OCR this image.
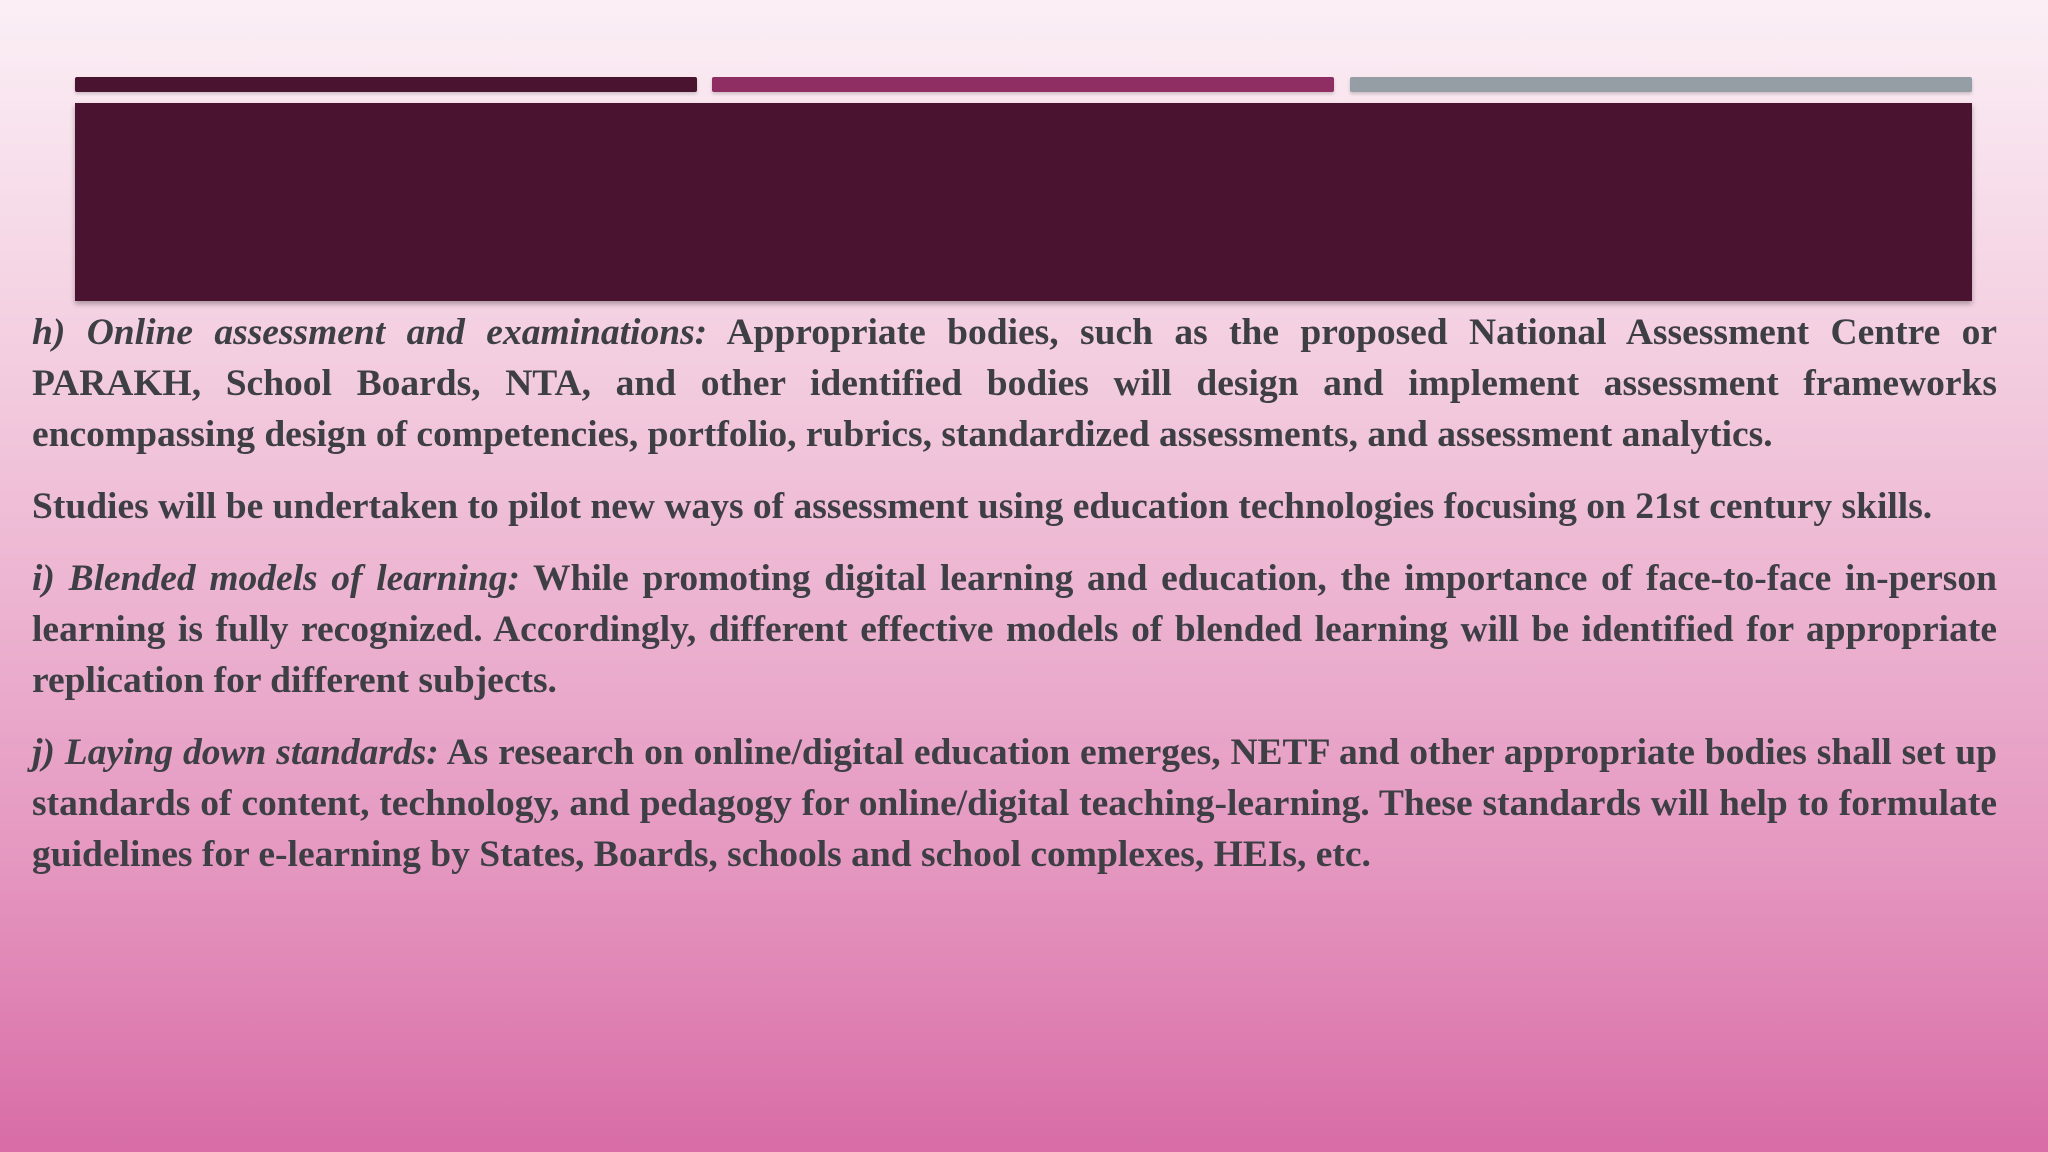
h) Online assessment and examinations: Appropriate bodies, such as the proposed National Assessment Centre or PARAKH, School Boards, NTA, and other identified bodies will design and implement assessment frameworks encompassing design of competencies, portfolio, rubrics, standardized assessments, and assessment analytics.

Studies will be undertaken to pilot new ways of assessment using education technologies focusing on 21st century skills.

i) Blended models of learning: While promoting digital learning and education, the importance of face-to-face in-person learning is fully recognized. Accordingly, different effective models of blended learning will be identified for appropriate replication for different subjects.

j) Laying down standards: As research on online/digital education emerges, NETF and other appropriate bodies shall set up standards of content, technology, and pedagogy for online/digital teaching-learning. These standards will help to formulate guidelines for e-learning by States, Boards, schools and school complexes, HEIs, etc.
